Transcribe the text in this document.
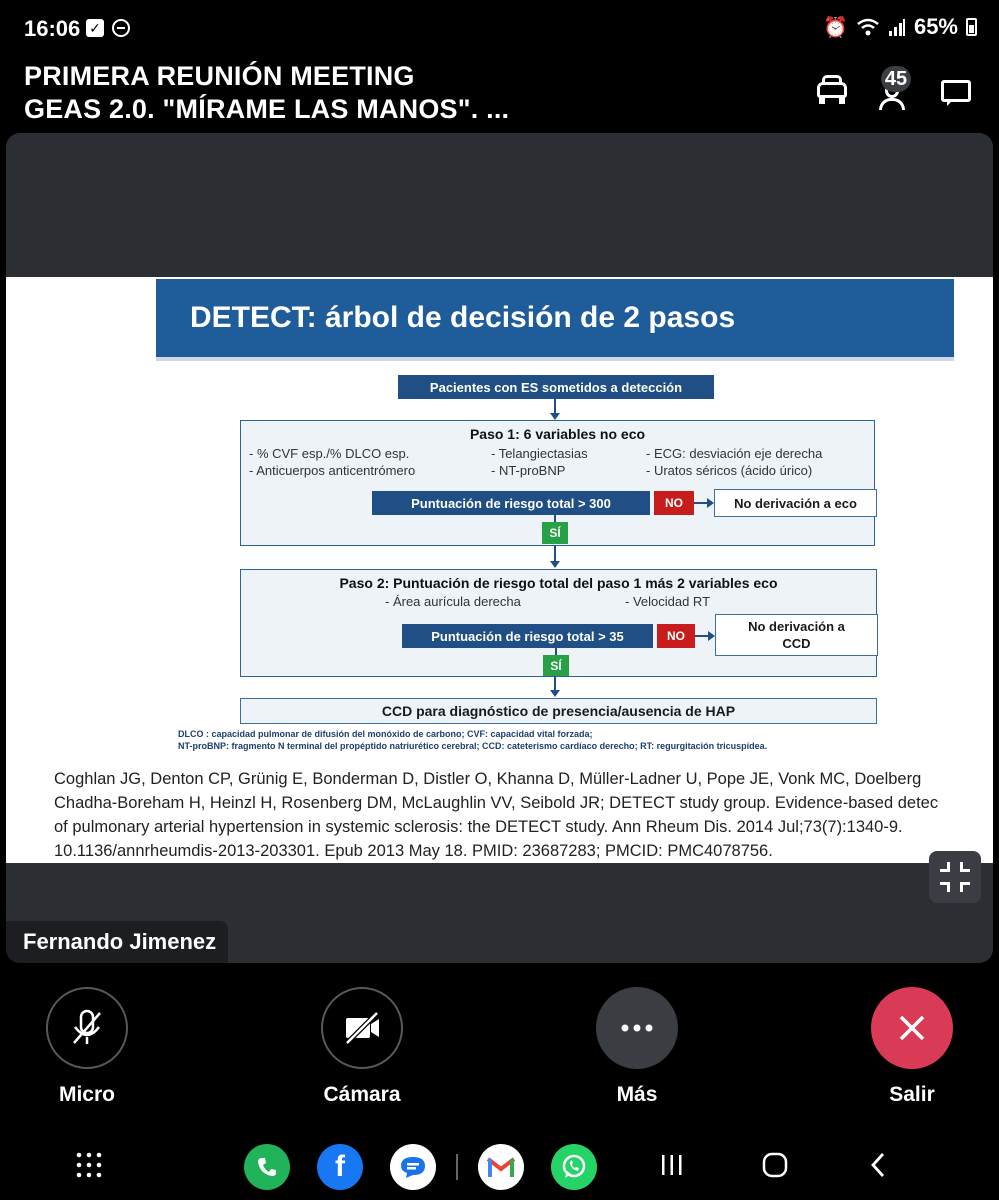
16:06 ✓	⏰	65%
PRIMERA REUNIÓN MEETING
GEAS 2.0. "MÍRAME LAS MANOS". ...
45
DETECT: árbol de decisión de 2 pasos
Pacientes con ES sometidos a detección
Paso 1: 6 variables no eco
- % CVF esp./% DLCO esp.	- Telangiectasias	- ECG: desviación eje derecha
- Anticuerpos anticentrómero	- NT-proBNP	- Uratos séricos (ácido úrico)
Puntuación de riesgo total > 300	NO	No derivación a eco
SÍ
Paso 2: Puntuación de riesgo total del paso 1 más 2 variables eco
- Área aurícula derecha	- Velocidad RT
Puntuación de riesgo total > 35	NO
No derivación a
CCD
SÍ
CCD para diagnóstico de presencia/ausencia de HAP
DLCO : capacidad pulmonar de difusión del monóxido de carbono; CVF: capacidad vital forzada;
NT-proBNP: fragmento N terminal del propéptido natriurético cerebral; CCD: cateterismo cardíaco derecho; RT: regurgitación tricuspídea.
Coghlan JG, Denton CP, Grünig E, Bonderman D, Distler O, Khanna D, Müller-Ladner U, Pope JE, Vonk MC, Doelberg
Chadha-Boreham H, Heinzl H, Rosenberg DM, McLaughlin VV, Seibold JR; DETECT study group. Evidence-based detec
of pulmonary arterial hypertension in systemic sclerosis: the DETECT study. Ann Rheum Dis. 2014 Jul;73(7):1340-9.
10.1136/annrheumdis-2013-203301. Epub 2013 May 18. PMID: 23687283; PMCID: PMC4078756.
Fernando Jimenez
Micro	Cámara	Más	Salir
f
